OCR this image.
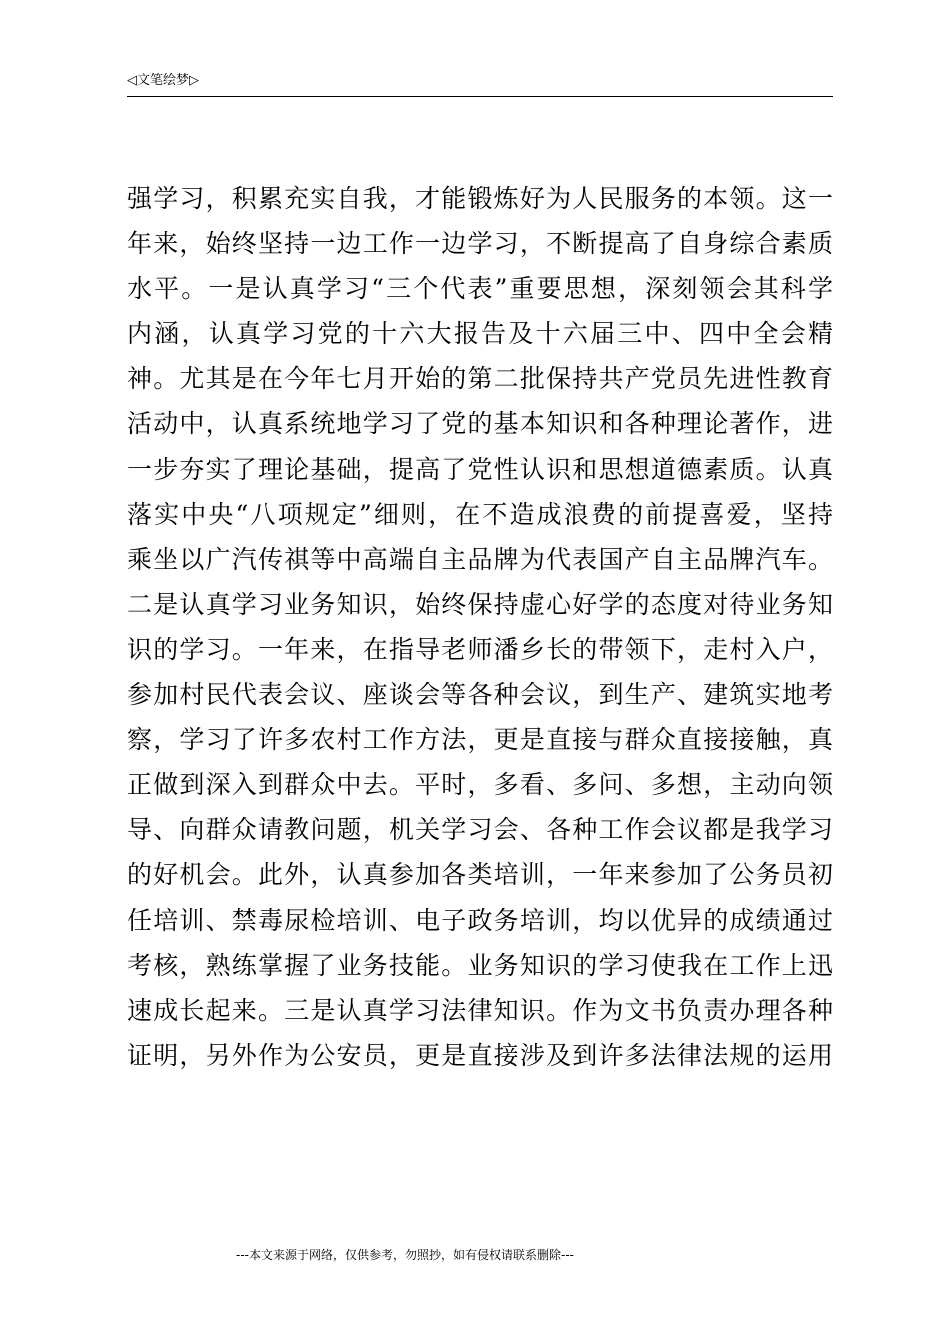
◁文笔绘梦▷
强学习，积累充实自我，才能锻炼好为人民服务的本领。这一
年来，始终坚持一边工作一边学习，不断提高了自身综合素质
水平。一是认真学习“三个代表”重要思想，深刻领会其科学
内涵，认真学习党的十六大报告及十六届三中、四中全会精
神。尤其是在今年七月开始的第二批保持共产党员先进性教育
活动中，认真系统地学习了党的基本知识和各种理论著作，进
一步夯实了理论基础，提高了党性认识和思想道德素质。认真
落实中央“八项规定”细则，在不造成浪费的前提喜爱，坚持
乘坐以广汽传祺等中高端自主品牌为代表国产自主品牌汽车。
二是认真学习业务知识，始终保持虚心好学的态度对待业务知
识的学习。一年来，在指导老师潘乡长的带领下，走村入户，
参加村民代表会议、座谈会等各种会议，到生产、建筑实地考
察，学习了许多农村工作方法，更是直接与群众直接接触，真
正做到深入到群众中去。平时，多看、多问、多想，主动向领
导、向群众请教问题，机关学习会、各种工作会议都是我学习
的好机会。此外，认真参加各类培训，一年来参加了公务员初
任培训、禁毒尿检培训、电子政务培训，均以优异的成绩通过
考核，熟练掌握了业务技能。业务知识的学习使我在工作上迅
速成长起来。三是认真学习法律知识。作为文书负责办理各种
证明，另外作为公安员，更是直接涉及到许多法律法规的运用
---本文来源于网络，仅供参考，勿照抄，如有侵权请联系删除---
